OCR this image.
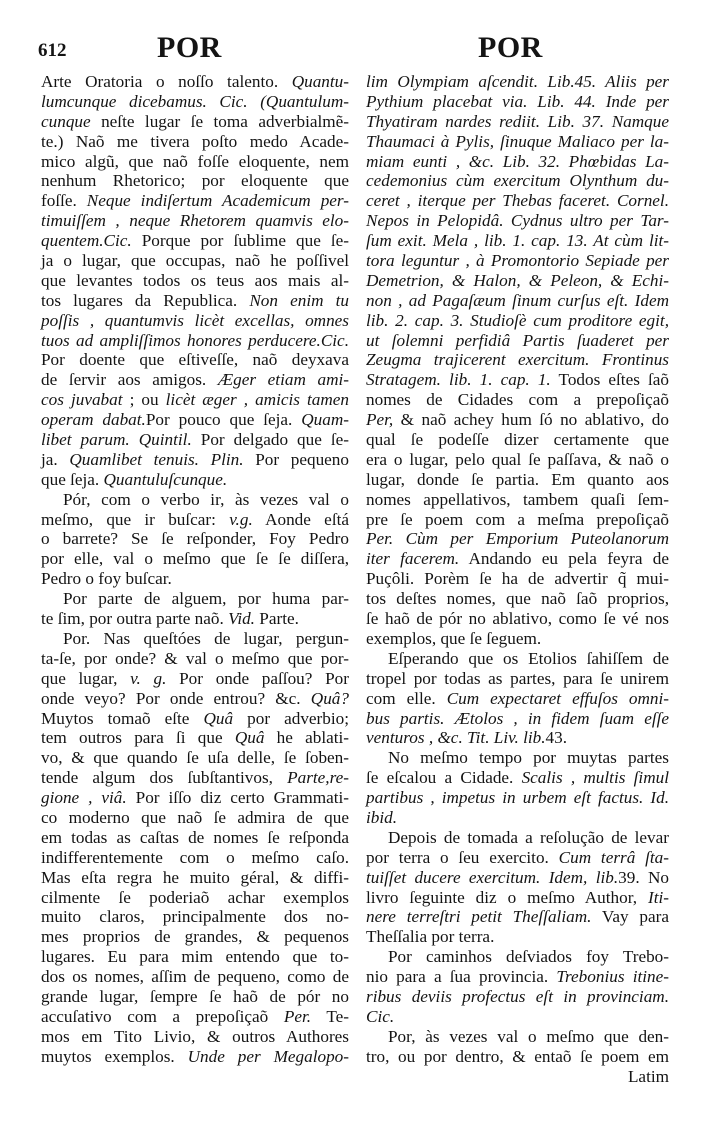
612	POR	POR
Arte Oratoria o noſſo talento. Quantu-
lumcunque dicebamus. Cic. (Quantulum-
cunque neſte lugar ſe toma adverbialmẽ-
te.) Naõ me tivera poſto medo Acade-
mico algũ, que naõ foſſe eloquente, nem
nenhum Rhetorico; por eloquente que
foſſe. Neque indiſertum Academicum per-
timuiſſem , neque Rhetorem quamvis elo-
quentem.Cic. Porque por ſublime que ſe-
ja o lugar, que occupas, naõ he poſſivel
que levantes todos os teus aos mais al-
tos lugares da Republica. Non enim tu
poſſis , quantumvis licèt excellas, omnes
tuos ad ampliſſimos honores perducere.Cic.
Por doente que eſtiveſſe, naõ deyxava
de ſervir aos amigos. Æger etiam ami-
cos juvabat ; ou licèt æger , amicis tamen
operam dabat.Por pouco que ſeja. Quam-
libet parum. Quintil. Por delgado que ſe-
ja. Quamlibet tenuis. Plin. Por pequeno
que ſeja. Quantuluſcunque.
Pór, com o verbo ir, às vezes val o
meſmo, que ir buſcar: v.g. Aonde eſtá
o barrete? Se ſe reſponder, Foy Pedro
por elle, val o meſmo que ſe ſe diſſera,
Pedro o foy buſcar.
Por parte de alguem, por huma par-
te ſim, por outra parte naõ. Vid. Parte.
Por. Nas queſtóes de lugar, pergun-
ta-ſe, por onde? & val o meſmo que por-
que lugar, v. g. Por onde paſſou? Por
onde veyo? Por onde entrou? &c. Quâ?
Muytos tomaõ eſte Quâ por adverbio;
tem outros para ſi que Quâ he ablati-
vo, & que quando ſe uſa delle, ſe ſoben-
tende algum dos ſubſtantivos, Parte,re-
gione , viâ. Por iſſo diz certo Grammati-
co moderno que naõ ſe admira de que
em todas as caſtas de nomes ſe reſponda
indifferentemente com o meſmo caſo.
Mas eſta regra he muito géral, & diffi-
cilmente ſe poderiaõ achar exemplos
muito claros, principalmente dos no-
mes proprios de grandes, & pequenos
lugares. Eu para mim entendo que to-
dos os nomes, aſſim de pequeno, como de
grande lugar, ſempre ſe haõ de pór no
accuſativo com a prepoſiçaõ Per. Te-
mos em Tito Livio, & outros Authores
muytos exemplos. Unde per Megalopo-
lim Olympiam aſcendit. Lib.45. Aliis per
Pythium placebat via. Lib. 44. Inde per
Thyatiram nardes rediit. Lib. 37. Namque
Thaumaci à Pylis, ſinuque Maliaco per la-
miam eunti , &c. Lib. 32. Phœbidas La-
cedemonius cùm exercitum Olynthum du-
ceret , iterque per Thebas faceret. Cornel.
Nepos in Pelopidâ. Cydnus ultro per Tar-
ſum exit. Mela , lib. 1. cap. 13. At cùm lit-
tora leguntur , à Promontorio Sepiade per
Demetrion, & Halon, & Peleon, & Echi-
non , ad Pagaſæum ſinum curſus eſt. Idem
lib. 2. cap. 3. Studioſè cum proditore egit,
ut ſolemni perfidiâ Partis ſuaderet per
Zeugma trajicerent exercitum. Frontinus
Stratagem. lib. 1. cap. 1. Todos eſtes ſaõ
nomes de Cidades com a prepoſiçaõ
Per, & naõ achey hum ſó no ablativo, do
qual ſe podeſſe dizer certamente que
era o lugar, pelo qual ſe paſſava, & naõ o
lugar, donde ſe partia. Em quanto aos
nomes appellativos, tambem quaſi ſem-
pre ſe poem com a meſma prepoſiçaõ
Per. Cùm per Emporium Puteolanorum
iter facerem. Andando eu pela feyra de
Puçôli. Porèm ſe ha de advertir q̃ mui-
tos deſtes nomes, que naõ ſaõ proprios,
ſe haõ de pór no ablativo, como ſe vé nos
exemplos, que ſe ſeguem.
Eſperando que os Etolios ſahiſſem de
tropel por todas as partes, para ſe unirem
com elle. Cum expectaret effuſos omni-
bus partis. Ætolos , in fidem ſuam eſſe
venturos , &c. Tit. Liv. lib.43.
No meſmo tempo por muytas partes
ſe eſcalou a Cidade. Scalis , multis ſimul
partibus , impetus in urbem eſt factus. Id.
ibid.
Depois de tomada a reſolução de levar
por terra o ſeu exercito. Cum terrâ ſta-
tuiſſet ducere exercitum. Idem, lib.39. No
livro ſeguinte diz o meſmo Author, Iti-
nere terreſtri petit Theſſaliam. Vay para
Theſſalia por terra.
Por caminhos deſviados foy Trebo-
nio para a ſua provincia. Trebonius itine-
ribus deviis profectus eſt in provinciam.
Cic.
Por, às vezes val o meſmo que den-
tro, ou por dentro, & entaõ ſe poem em
Latim
